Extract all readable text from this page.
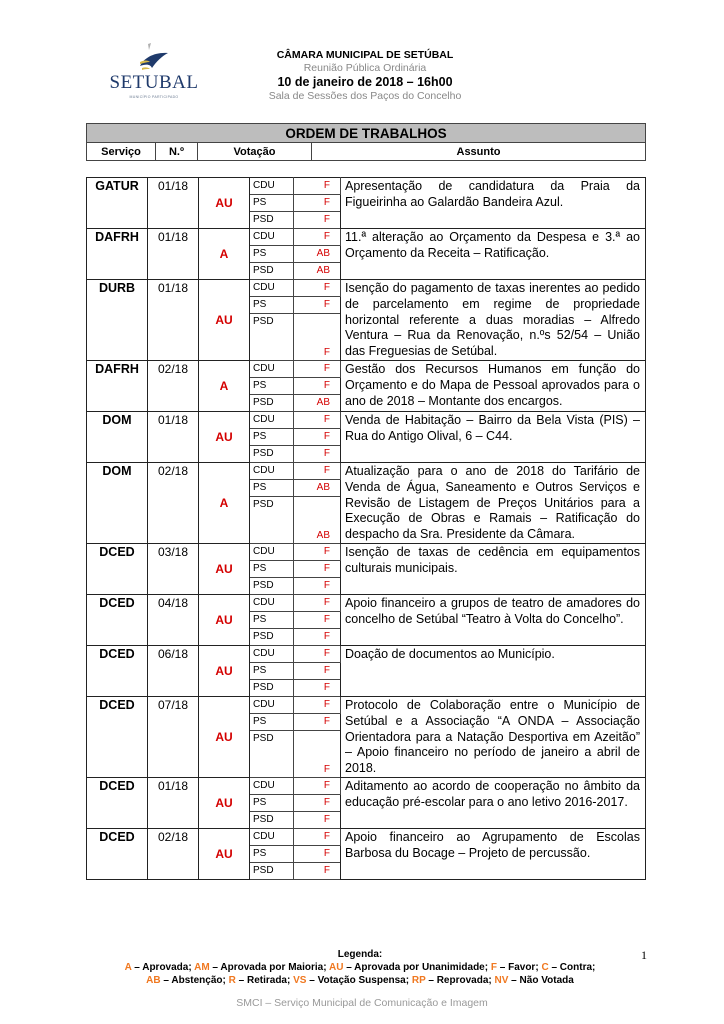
SETUBAL
MUNICÍPIO PARTICIPADO
CÂMARA MUNICIPAL DE SETÚBAL
Reunião Pública Ordinária
10 de janeiro de 2018 – 16h00
Sala de Sessões dos Paços do Concelho
ORDEM DE TRABALHOS
Serviço	N.º	Votação	Assunto
GATUR	01/18	AU	CDU	F	Apresentação de candidatura da Praia da Figueirinha ao Galardão Bandeira Azul.
			PS	F	
			PSD	F	
DAFRH	01/18	A	CDU	F	11.ª alteração ao Orçamento da Despesa e 3.ª ao Orçamento da Receita – Ratificação.
			PS	AB	
			PSD	AB	
DURB	01/18	AU	CDU	F	Isenção do pagamento de taxas inerentes ao pedido de parcelamento em regime de propriedade horizontal referente a duas moradias – Alfredo Ventura – Rua da Renovação, n.ºs 52/54 – União das Freguesias de Setúbal.
			PS	F	
			PSD	F	
DAFRH	02/18	A	CDU	F	Gestão dos Recursos Humanos em função do Orçamento e do Mapa de Pessoal aprovados para o ano de 2018 – Montante dos encargos.
			PS	F	
			PSD	AB	
DOM	01/18	AU	CDU	F	Venda de Habitação – Bairro da Bela Vista (PIS) – Rua do Antigo Olival, 6 – C44.
			PS	F	
			PSD	F	
DOM	02/18	A	CDU	F	Atualização para o ano de 2018 do Tarifário de Venda de Água, Saneamento e Outros Serviços e Revisão de Listagem de Preços Unitários para a Execução de Obras e Ramais – Ratificação do despacho da Sra. Presidente da Câmara.
			PS	AB	
			PSD	AB	
DCED	03/18	AU	CDU	F	Isenção de taxas de cedência em equipamentos culturais municipais.
			PS	F	
			PSD	F	
DCED	04/18	AU	CDU	F	Apoio financeiro a grupos de teatro de amadores do concelho de Setúbal “Teatro à Volta do Concelho”.
			PS	F	
			PSD	F	
DCED	06/18	AU	CDU	F	Doação de documentos ao Município.
			PS	F	
			PSD	F	
DCED	07/18	AU	CDU	F	Protocolo de Colaboração entre o Município de Setúbal e a Associação “A ONDA – Associação Orientadora para a Natação Desportiva em Azeitão” – Apoio financeiro no período de janeiro a abril de 2018.
			PS	F	
			PSD	F	
DCED	01/18	AU	CDU	F	Aditamento ao acordo de cooperação no âmbito da educação pré-escolar para o ano letivo 2016-2017.
			PS	F	
			PSD	F	
DCED	02/18	AU	CDU	F	Apoio financeiro ao Agrupamento de Escolas Barbosa du Bocage – Projeto de percussão.
			PS	F	
			PSD	F	
Legenda:
A – Aprovada; AM – Aprovada por Maioria; AU – Aprovada por Unanimidade; F – Favor; C – Contra;
AB – Abstenção; R – Retirada; VS – Votação Suspensa; RP – Reprovada; NV – Não Votada
1
SMCI – Serviço Municipal de Comunicação e Imagem
